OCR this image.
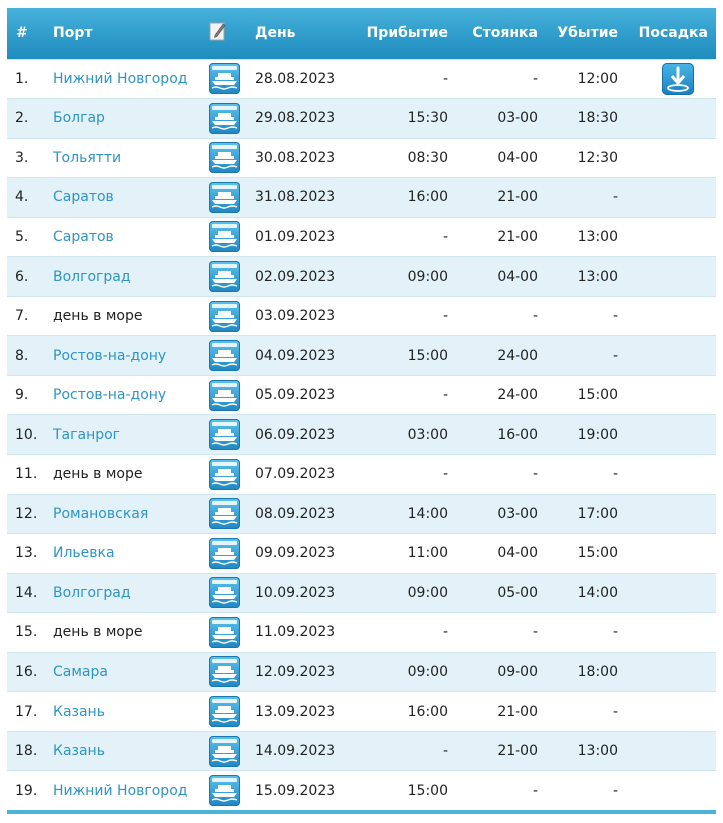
#	Порт		День	Прибытие	Стоянка	Убытие	Посадка
1.	Нижний Новгород		28.08.2023	-	-	12:00	

2.	Болгар		29.08.2023	15:30	03-00	18:30	
3.	Тольятти		30.08.2023	08:30	04-00	12:30	
4.	Саратов		31.08.2023	16:00	21-00	-	
5.	Саратов		01.09.2023	-	21-00	13:00	
6.	Волгоград		02.09.2023	09:00	04-00	13:00	
7.	день в море		03.09.2023	-	-	-	
8.	Ростов-на-дону		04.09.2023	15:00	24-00	-	
9.	Ростов-на-дону		05.09.2023	-	24-00	15:00	
10.	Таганрог		06.09.2023	03:00	16-00	19:00	
11.	день в море		07.09.2023	-	-	-	
12.	Романовская		08.09.2023	14:00	03-00	17:00	
13.	Ильевка		09.09.2023	11:00	04-00	15:00	
14.	Волгоград		10.09.2023	09:00	05-00	14:00	
15.	день в море		11.09.2023	-	-	-	
16.	Самара		12.09.2023	09:00	09-00	18:00	
17.	Казань		13.09.2023	16:00	21-00	-	
18.	Казань		14.09.2023	-	21-00	13:00	
19.	Нижний Новгород		15.09.2023	15:00	-	-	
